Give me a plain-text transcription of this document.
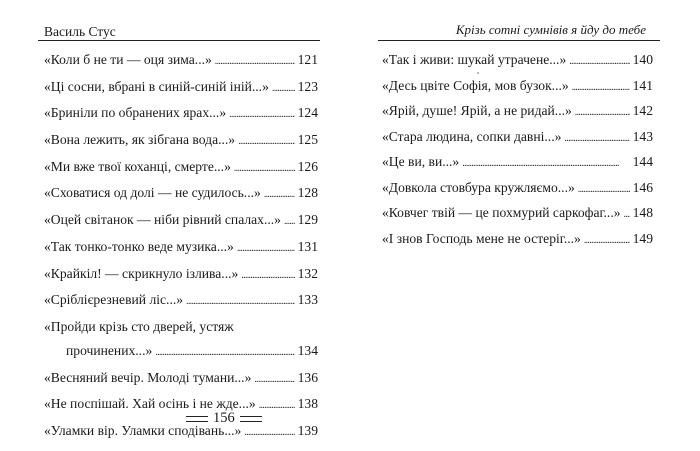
Василь Стус
«Коли б не ти — оця зима...» . . .	121
«Ці сосни, вбрані в синій-синій іній...» . . . 123
«Бриніли по обранених ярах...» . . .	124
«Вона лежить, як зібгана вода...» . . .	125
«Ми вже твої коханці, смерте...» . . .	126
«Сховатися од долі — не судилось...» . . .	128
«Оцей світанок — ніби рівний спалах...» . . . 129
«Так тонко-тонко веде музика...» . . .	131
«Крайкіл! — скрикнуло ізлива...» . . .	132
«Сріблієрезневий ліс...» . . .	133
«Пройди крізь сто дверей, устяж
прочинених...» . . .	134
«Весняний вечір. Молоді тумани...» . . .	136
«Не поспішай. Хай осінь і не жде...» . . .	138
«Уламки вір. Уламки сподівань...» . . .	139
156
Крізь сотні сумнівів я йду до тебе
«Так і живи: шукай утрачене...» . . .	140
«Десь цвіте Софія, мов бузок...» . . .	141
«Ярій, душе! Ярій, а не ридай...» . . .	142
«Стара людина, сопки давні...» . . .	143
«Це ви, ви...» . . .	144
«Довкола стовбура кружляємо...» . . .	146
«Ковчег твій — це похмурий саркофаг...» . . . 148
«І знов Господь мене не остеріг...» . . .	149
